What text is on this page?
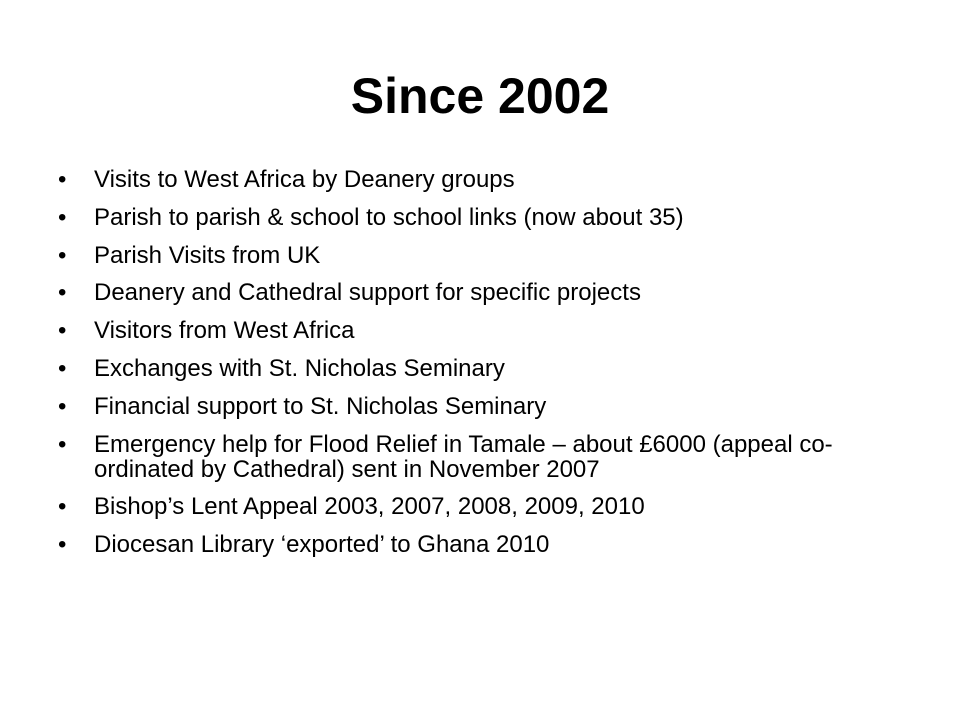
Since 2002
• Visits to West Africa by Deanery groups
• Parish to parish & school to school links (now about 35)
• Parish Visits from UK
• Deanery and Cathedral support for specific projects
• Visitors from West Africa
• Exchanges with St. Nicholas Seminary
• Financial support to St. Nicholas Seminary
• Emergency help for Flood Relief in Tamale – about £6000 (appeal co-ordinated by Cathedral) sent in November 2007
• Bishop’s Lent Appeal 2003, 2007, 2008, 2009, 2010
• Diocesan Library ‘exported’ to Ghana 2010
